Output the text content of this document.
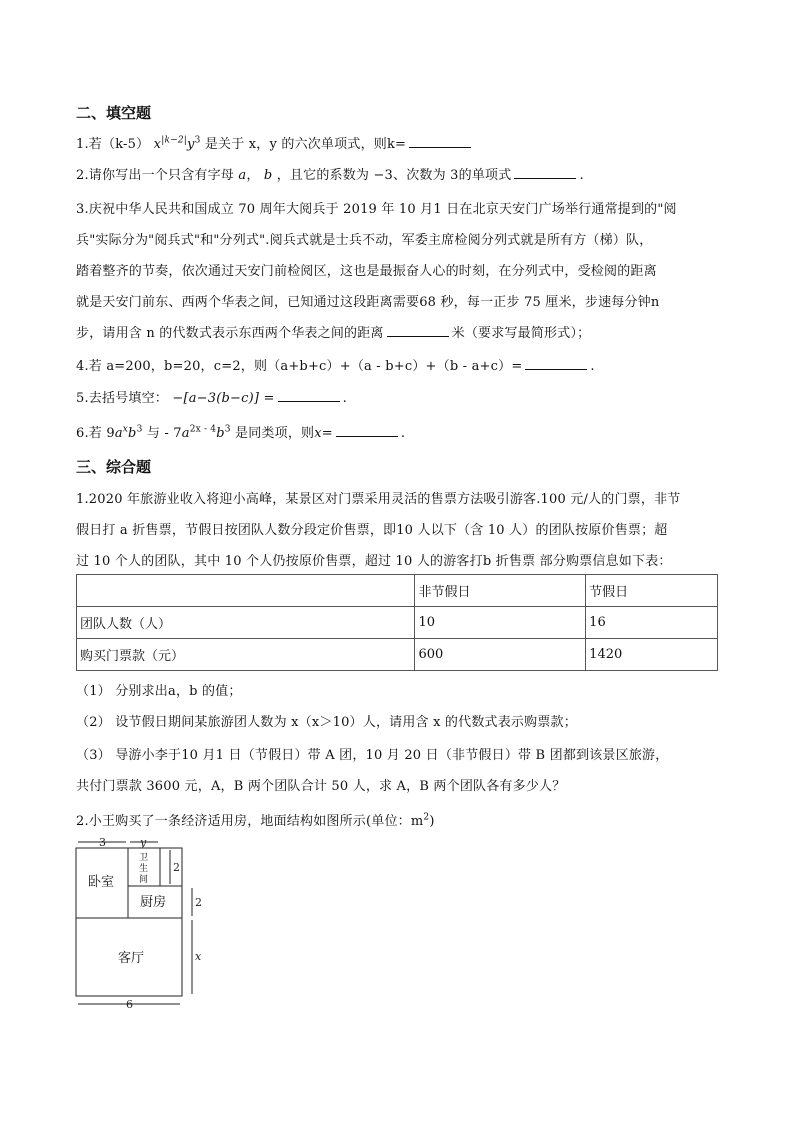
二、填空题
1.若（k-5） $x^{|k-2|}y^3$ 是关于 x，y 的六次单项式，则k=
2.请你写出一个只含有字母 a， b ，且它的系数为 −3、次数为 3的单项式	.
3.庆祝中华人民共和国成立 70 周年大阅兵于 2019 年 10 月1 日在北京天安门广场举行通常提到的"阅
兵"实际分为"阅兵式"和"分列式".阅兵式就是士兵不动，军委主席检阅分列式就是所有方（梯）队，
踏着整齐的节奏，依次通过天安门前检阅区，这也是最振奋人心的时刻，在分列式中，受检阅的距离
就是天安门前东、西两个华表之间，已知通过这段距离需要68 秒，每一正步 75 厘米，步速每分钟n
步，请用含 n 的代数式表示东西两个华表之间的距离	米（要求写最简形式）；
4.若 a=200，b=20，c=2，则（a+b+c）+（a - b+c）+（b - a+c）=	.
5.去括号填空： −[a−3(b−c)] =	.
6.若 $9a^xb^3$ 与 - $7a^{2x - 4}b^3$ 是同类项，则x=	.
三、综合题
1.2020 年旅游业收入将迎小高峰，某景区对门票采用灵活的售票方法吸引游客.100 元/人的门票，非节
假日打 a 折售票，节假日按团队人数分段定价售票，即10 人以下（含 10 人）的团队按原价售票；超
过 10 个人的团队，其中 10 个人仍按原价售票，超过 10 人的游客打b 折售票 部分购票信息如下表：
	非节假日	节假日
团队人数（人）	10	16
购买门票款（元）	600	1420
（1） 分别求出a，b 的值；
（2） 设节假日期间某旅游团人数为 x（x＞10）人，请用含 x 的代数式表示购票款；
（3） 导游小李于10 月1 日（节假日）带 A 团，10 月 20 日（非节假日）带 B 团都到该景区旅游，
共付门票款 3600 元，A，B 两个团队合计 50 人，求 A，B 两个团队各有多少人？
2.小王购买了一条经济适用房，地面结构如图所示(单位：$m^2$)
3	y
2
2
x
6
卧室
厨房
客厅
卫
生
间
